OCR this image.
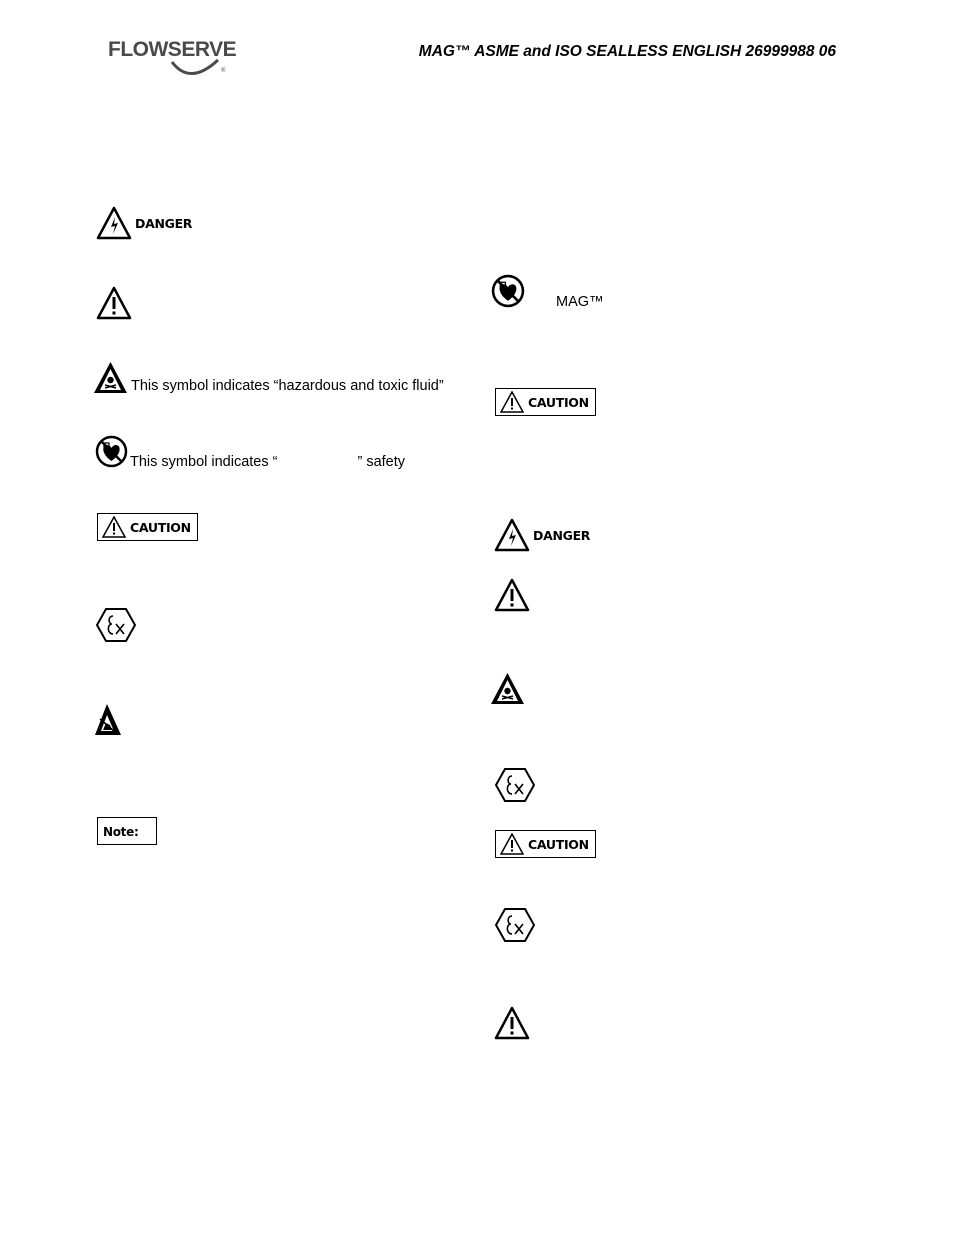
FLOWSERVE
®
MAG™ ASME and ISO SEALLESS ENGLISH 26999988 06
DANGER
This symbol indicates “hazardous and toxic fluid”
This symbol indicates “	” safety
CAUTION
Note:
MAG™
CAUTION
DANGER
CAUTION
